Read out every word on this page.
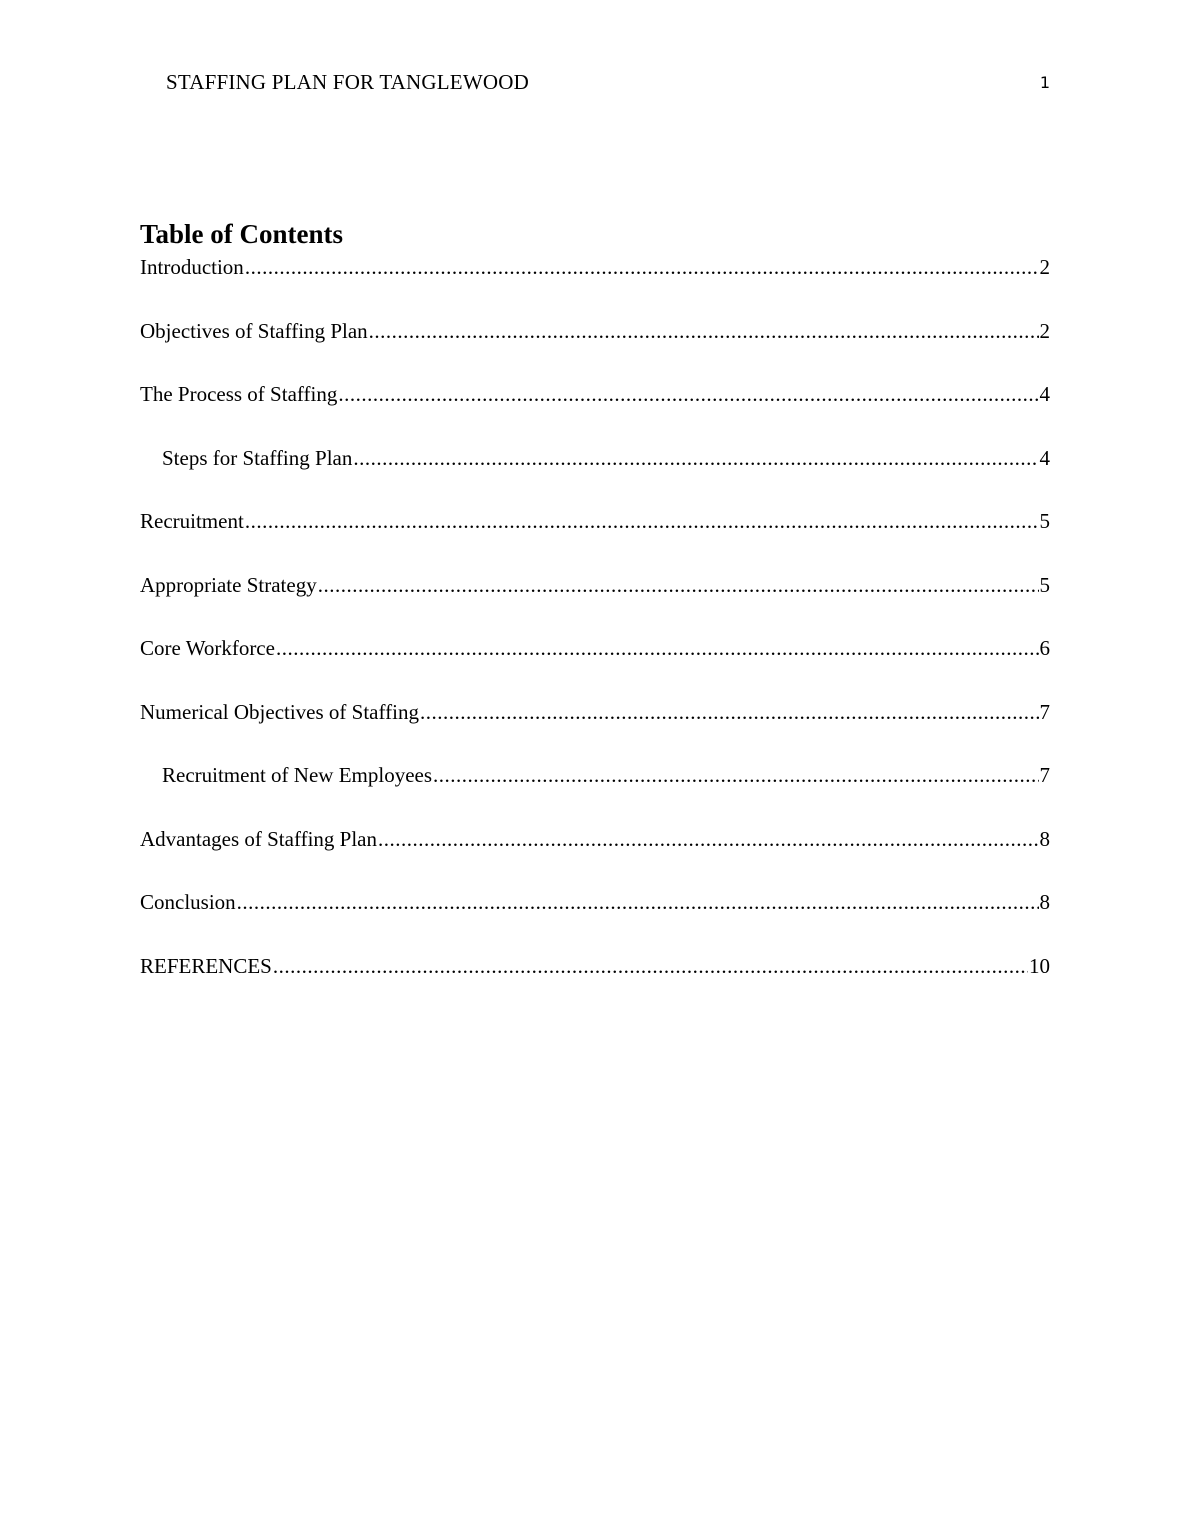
STAFFING PLAN FOR TANGLEWOOD	1
Table of Contents
Introduction .....	2
Objectives of Staffing Plan .....	2
The Process of Staffing .....	4
Steps for Staffing Plan .....	4
Recruitment .....	5
Appropriate Strategy .....	5
Core Workforce .....	6
Numerical Objectives of Staffing .....	7
Recruitment of New Employees .....	7
Advantages of Staffing Plan .....	8
Conclusion .....	8
REFERENCES .....	10
